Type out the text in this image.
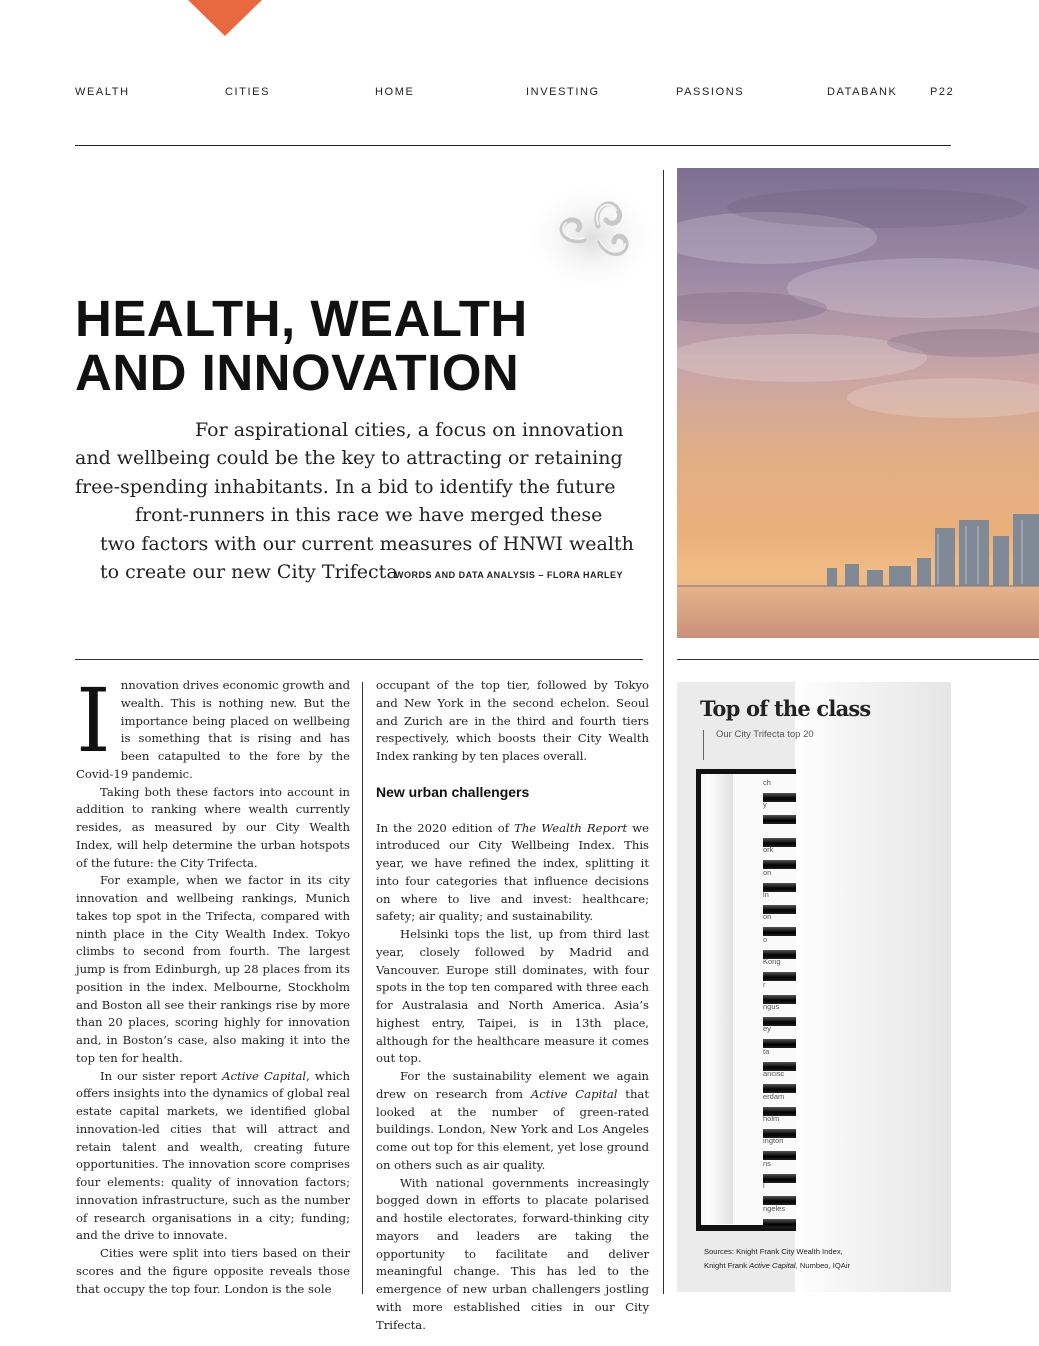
WEALTH	CITIES	HOME	INVESTING	PASSIONS	DATABANK	P22
HEALTH, WEALTH
AND INNOVATION
For aspirational cities, a focus on innovation
and wellbeing could be the key to attracting or retaining
free-spending inhabitants. In a bid to identify the future
front-runners in this race we have merged these
two factors with our current measures of HNWI wealth
to create our new City Trifecta
WORDS AND DATA ANALYSIS – FLORA HARLEY
I nnovation drives economic growth and wealth. This is nothing new. But the importance being placed on wellbeing is something that is rising and has been catapulted to the fore by the Covid-19 pandemic.

Taking both these factors into account in addition to ranking where wealth currently resides, as measured by our City Wealth Index, will help determine the urban hotspots of the future: the City Trifecta.

For example, when we factor in its city innovation and wellbeing rankings, Munich takes top spot in the Trifecta, compared with ninth place in the City Wealth Index. Tokyo climbs to second from fourth. The largest jump is from Edinburgh, up 28 places from its position in the index. Melbourne, Stockholm and Boston all see their rankings rise by more than 20 places, scoring highly for innovation and, in Boston’s case, also making it into the top ten for health.

In our sister report Active Capital, which offers insights into the dynamics of global real estate capital markets, we identified global innovation-led cities that will attract and retain talent and wealth, creating future opportunities. The innovation score comprises four elements: quality of innovation factors; innovation infrastructure, such as the number of research organisations in a city; funding; and the drive to innovate.

Cities were split into tiers based on their scores and the figure opposite reveals those that occupy the top four. London is the sole

occupant of the top tier, followed by Tokyo and New York in the second echelon. Seoul and Zurich are in the third and fourth tiers respectively, which boosts their City Wealth Index ranking by ten places overall.

New urban challengers

In the 2020 edition of The Wealth Report we introduced our City Wellbeing Index. This year, we have refined the index, splitting it into four categories that influence decisions on where to live and invest: healthcare; safety; air quality; and sustainability.

Helsinki tops the list, up from third last year, closely followed by Madrid and Vancouver. Europe still dominates, with four spots in the top ten compared with three each for Australasia and North America. Asia’s highest entry, Taipei, is in 13th place, although for the healthcare measure it comes out top.

For the sustainability element we again drew on research from Active Capital that looked at the number of green-rated buildings. London, New York and Los Angeles come out top for this element, yet lose ground on others such as air quality.

With national governments increasingly bogged down in efforts to placate polarised and hostile electorates, forward-thinking city mayors and leaders are taking the opportunity to facilitate and deliver meaningful change. This has led to the emergence of new urban challengers jostling with more established cities in our City Trifecta.

Top of the class
Our City Trifecta top 20
ch
y
ork
on
ln
on
o
Kong
r
ngus
ey
ta
ancisc
erdam
holm
ington
ns
l
ngeles
Sources: Knight Frank City Wealth Index,
Knight Frank Active Capital, Numbeo, IQAir
